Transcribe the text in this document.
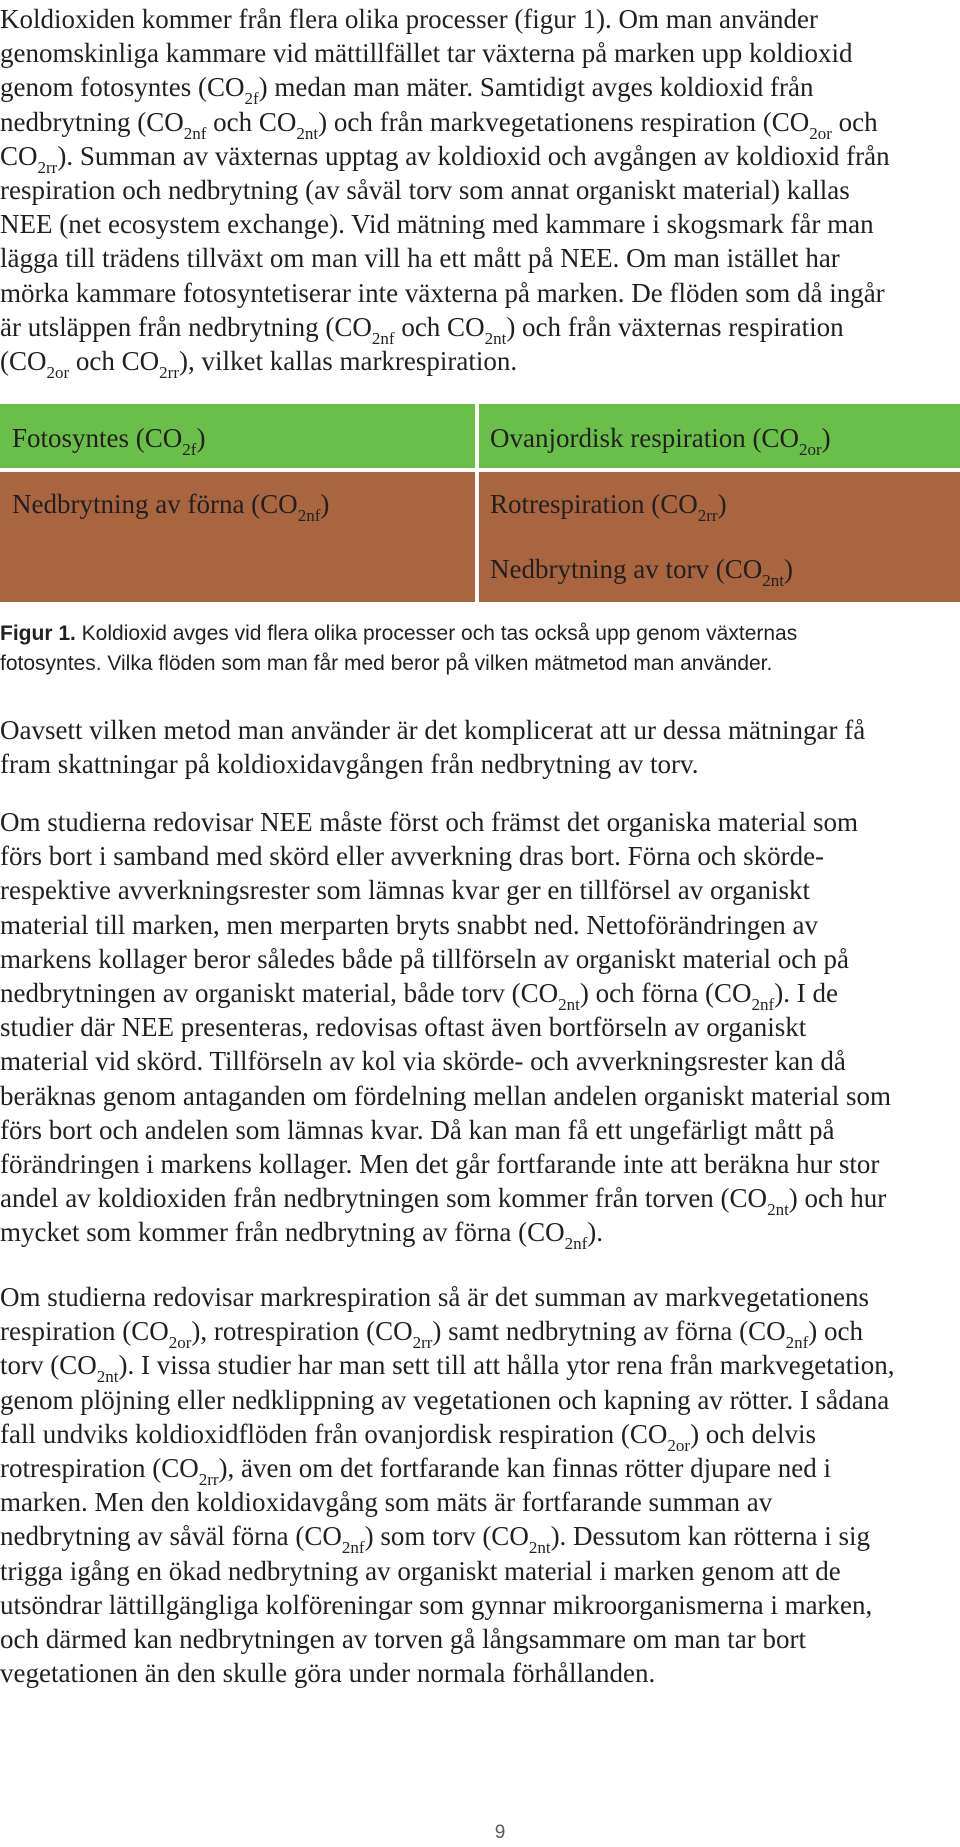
Koldioxiden kommer från flera olika processer (figur 1). Om man använder
genomskinliga kammare vid mättillfället tar växterna på marken upp koldioxid
genom fotosyntes $(CO_{2f})$ medan man mäter. Samtidigt avges koldioxid från
nedbrytning ($CO_{2nf}$ och $CO_{2nt}$) och från markvegetationens respiration ($CO_{2or}$ och
$CO_{2rr}$). Summan av växternas upptag av koldioxid och avgången av koldioxid från
respiration och nedbrytning (av såväl torv som annat organiskt material) kallas
NEE (net ecosystem exchange). Vid mätning med kammare i skogsmark får man
lägga till trädens tillväxt om man vill ha ett mått på NEE. Om man istället har
mörka kammare fotosyntetiserar inte växterna på marken. De flöden som då ingår
är utsläppen från nedbrytning ($CO_{2nf}$ och $CO_{2nt}$) och från växternas respiration
($CO_{2or}$ och $CO_{2rr}$), vilket kallas markrespiration.
Fotosyntes $(CO_{2f})$	Ovanjordisk respiration $(CO_{2or})$
Nedbrytning av förna $(CO_{2nf})$	Rotrespiration $(CO_{2rr})$
Nedbrytning av torv $(CO_{2nt})$
Figur 1. Koldioxid avges vid flera olika processer och tas också upp genom växternas
fotosyntes. Vilka flöden som man får med beror på vilken mätmetod man använder.
Oavsett vilken metod man använder är det komplicerat att ur dessa mätningar få
fram skattningar på koldioxidavgången från nedbrytning av torv.
Om studierna redovisar NEE måste först och främst det organiska material som
förs bort i samband med skörd eller avverkning dras bort. Förna och skörde-
respektive avverkningsrester som lämnas kvar ger en tillförsel av organiskt
material till marken, men merparten bryts snabbt ned. Nettoförändringen av
markens kollager beror således både på tillförseln av organiskt material och på
nedbrytningen av organiskt material, både torv $(CO_{2nt})$ och förna $(CO_{2nf})$. I de
studier där NEE presenteras, redovisas oftast även bortförseln av organiskt
material vid skörd. Tillförseln av kol via skörde- och avverkningsrester kan då
beräknas genom antaganden om fördelning mellan andelen organiskt material som
förs bort och andelen som lämnas kvar. Då kan man få ett ungefärligt mått på
förändringen i markens kollager. Men det går fortfarande inte att beräkna hur stor
andel av koldioxiden från nedbrytningen som kommer från torven $(CO_{2nt})$ och hur
mycket som kommer från nedbrytning av förna $(CO_{2nf})$.
Om studierna redovisar markrespiration så är det summan av markvegetationens
respiration $(CO_{2or})$, rotrespiration $(CO_{2rr})$ samt nedbrytning av förna $(CO_{2nf})$ och
torv $(CO_{2nt})$. I vissa studier har man sett till att hålla ytor rena från markvegetation,
genom plöjning eller nedklippning av vegetationen och kapning av rötter. I sådana
fall undviks koldioxidflöden från ovanjordisk respiration $(CO_{2or})$ och delvis
rotrespiration $(CO_{2rr})$, även om det fortfarande kan finnas rötter djupare ned i
marken. Men den koldioxidavgång som mäts är fortfarande summan av
nedbrytning av såväl förna $(CO_{2nf})$ som torv $(CO_{2nt})$. Dessutom kan rötterna i sig
trigga igång en ökad nedbrytning av organiskt material i marken genom att de
utsöndrar lättillgängliga kolföreningar som gynnar mikroorganismerna i marken,
och därmed kan nedbrytningen av torven gå långsammare om man tar bort
vegetationen än den skulle göra under normala förhållanden.
9
